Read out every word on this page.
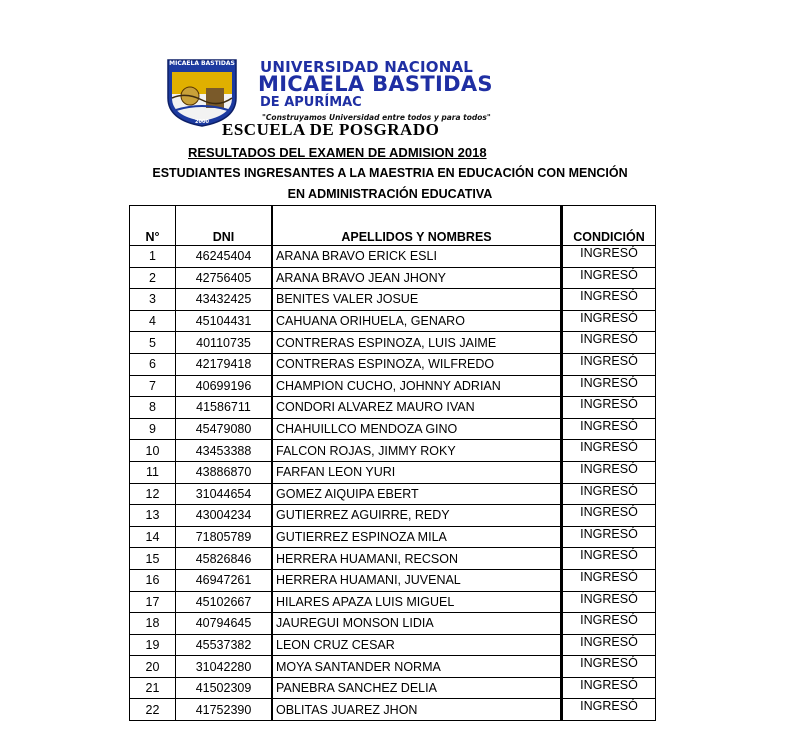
MICAELA BASTIDAS
2000
UNIVERSIDAD NACIONAL
MICAELA BASTIDAS
DE APURÍMAC
"Construyamos Universidad entre todos y para todos"
ESCUELA DE POSGRADO
RESULTADOS DEL EXAMEN DE ADMISION 2018
ESTUDIANTES INGRESANTES A LA MAESTRIA EN EDUCACIÓN CON MENCIÓN
EN ADMINISTRACIÓN EDUCATIVA
N°	DNI	APELLIDOS Y NOMBRES	CONDICIÓN
1	46245404	ARANA BRAVO ERICK ESLI	INGRESÓ
2	42756405	ARANA BRAVO JEAN JHONY	INGRESÓ
3	43432425	BENITES VALER JOSUE	INGRESÓ
4	45104431	CAHUANA ORIHUELA, GENARO	INGRESÓ
5	40110735	CONTRERAS ESPINOZA, LUIS JAIME	INGRESÓ
6	42179418	CONTRERAS ESPINOZA, WILFREDO	INGRESÓ
7	40699196	CHAMPION CUCHO, JOHNNY ADRIAN	INGRESÓ
8	41586711	CONDORI ALVAREZ MAURO IVAN	INGRESÓ
9	45479080	CHAHUILLCO MENDOZA GINO	INGRESÓ
10	43453388	FALCON ROJAS, JIMMY ROKY	INGRESÓ
11	43886870	FARFAN LEON YURI	INGRESÓ
12	31044654	GOMEZ AIQUIPA EBERT	INGRESÓ
13	43004234	GUTIERREZ AGUIRRE, REDY	INGRESÓ
14	71805789	GUTIERREZ ESPINOZA MILA	INGRESÓ
15	45826846	HERRERA HUAMANI, RECSON	INGRESÓ
16	46947261	HERRERA HUAMANI, JUVENAL	INGRESÓ
17	45102667	HILARES APAZA LUIS MIGUEL	INGRESÓ
18	40794645	JAUREGUI MONSON LIDIA	INGRESÓ
19	45537382	LEON CRUZ CESAR	INGRESÓ
20	31042280	MOYA SANTANDER NORMA	INGRESÓ
21	41502309	PANEBRA SANCHEZ DELIA	INGRESÓ
22	41752390	OBLITAS JUAREZ JHON	INGRESÓ
